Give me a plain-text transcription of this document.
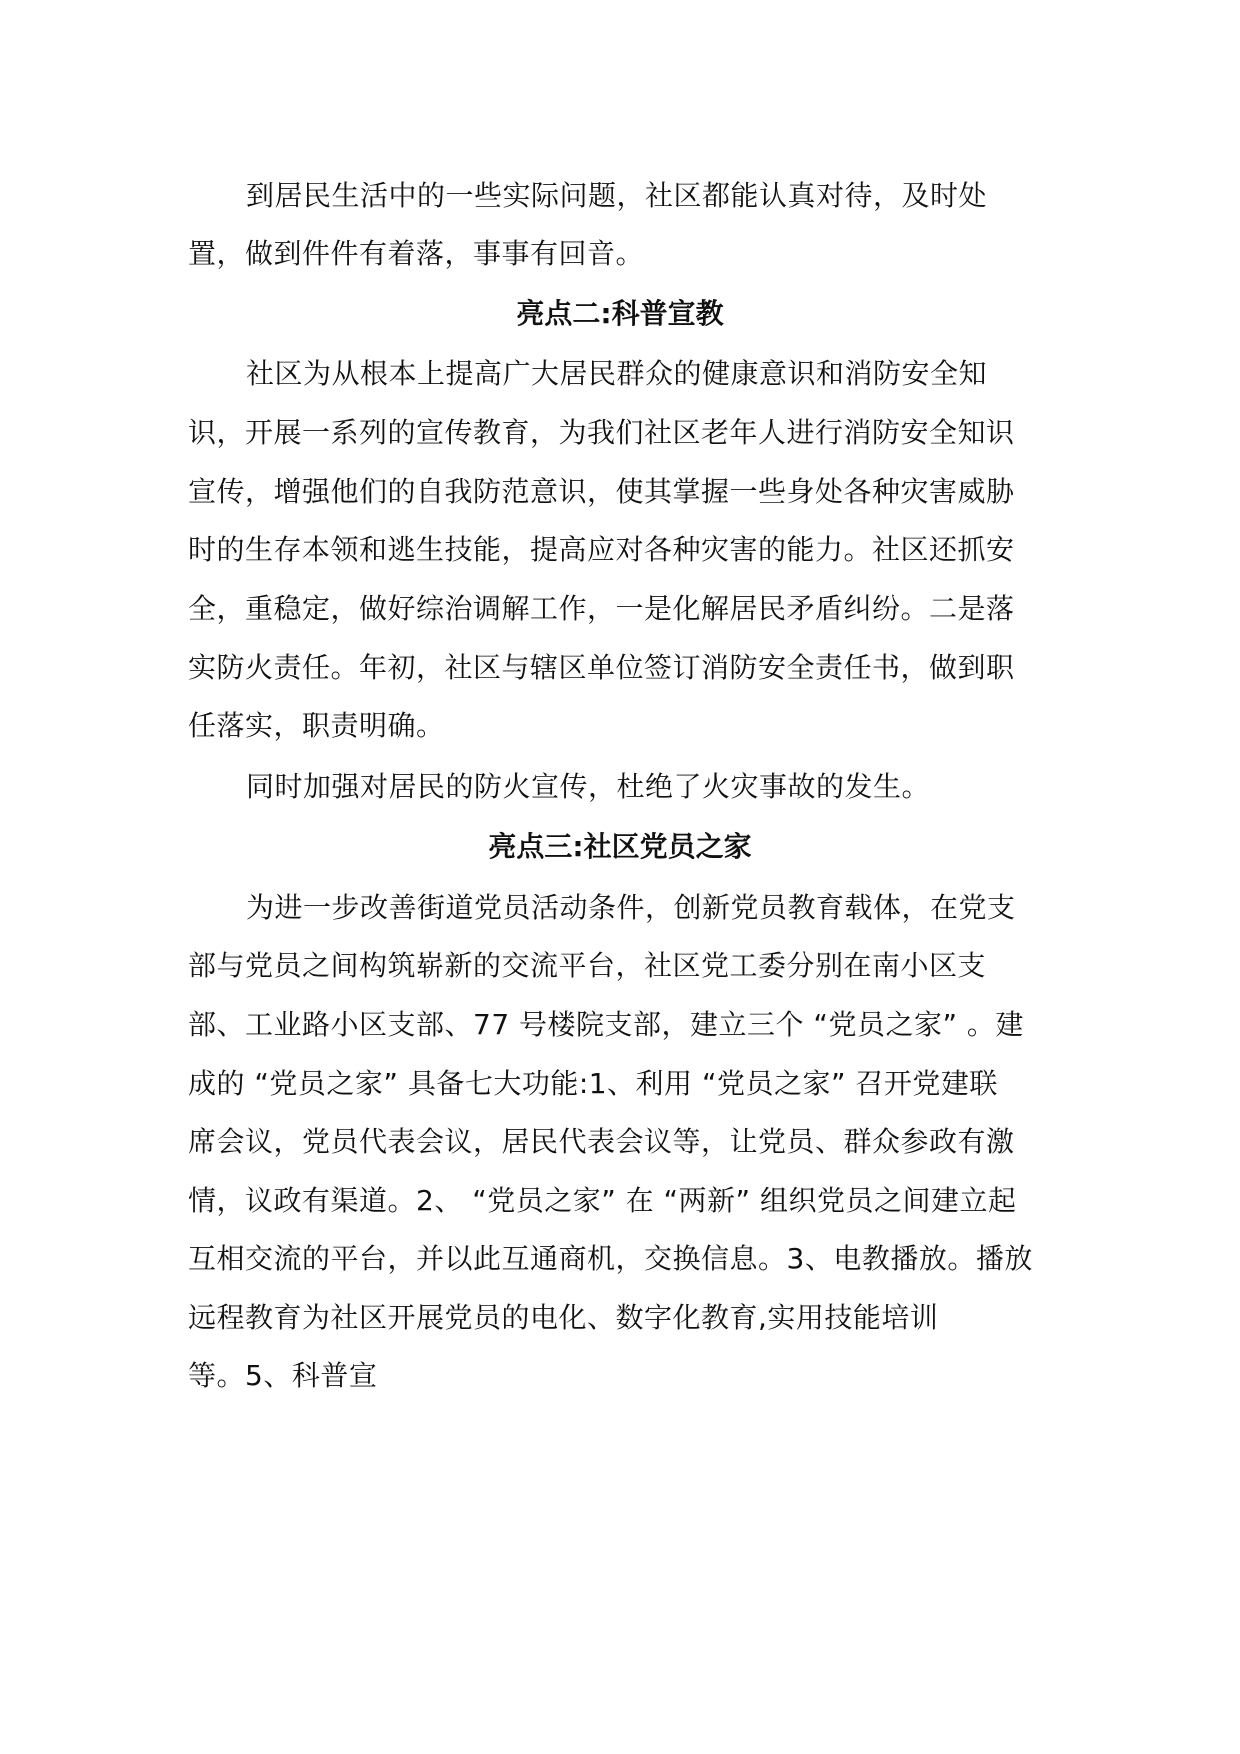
到居民生活中的一些实际问题，社区都能认真对待，及时处
置，做到件件有着落，事事有回音。
亮点二:科普宣教
社区为从根本上提高广大居民群众的健康意识和消防安全知
识，开展一系列的宣传教育，为我们社区老年人进行消防安全知识
宣传，增强他们的自我防范意识，使其掌握一些身处各种灾害威胁
时的生存本领和逃生技能，提高应对各种灾害的能力。社区还抓安
全，重稳定，做好综治调解工作，一是化解居民矛盾纠纷。二是落
实防火责任。年初，社区与辖区单位签订消防安全责任书，做到职
任落实，职责明确。
同时加强对居民的防火宣传，杜绝了火灾事故的发生。
亮点三:社区党员之家
为进一步改善街道党员活动条件，创新党员教育载体，在党支
部与党员之间构筑崭新的交流平台，社区党工委分别在南小区支
部、工业路小区支部、77 号楼院支部，建立三个 “党员之家” 。建
成的 “党员之家” 具备七大功能:1、利用 “党员之家” 召开党建联
席会议，党员代表会议，居民代表会议等，让党员、群众参政有激
情，议政有渠道。2、 “党员之家” 在 “两新” 组织党员之间建立起
互相交流的平台，并以此互通商机，交换信息。3、电教播放。播放
远程教育为社区开展党员的电化、数字化教育,实用技能培训
等。5、科普宣
